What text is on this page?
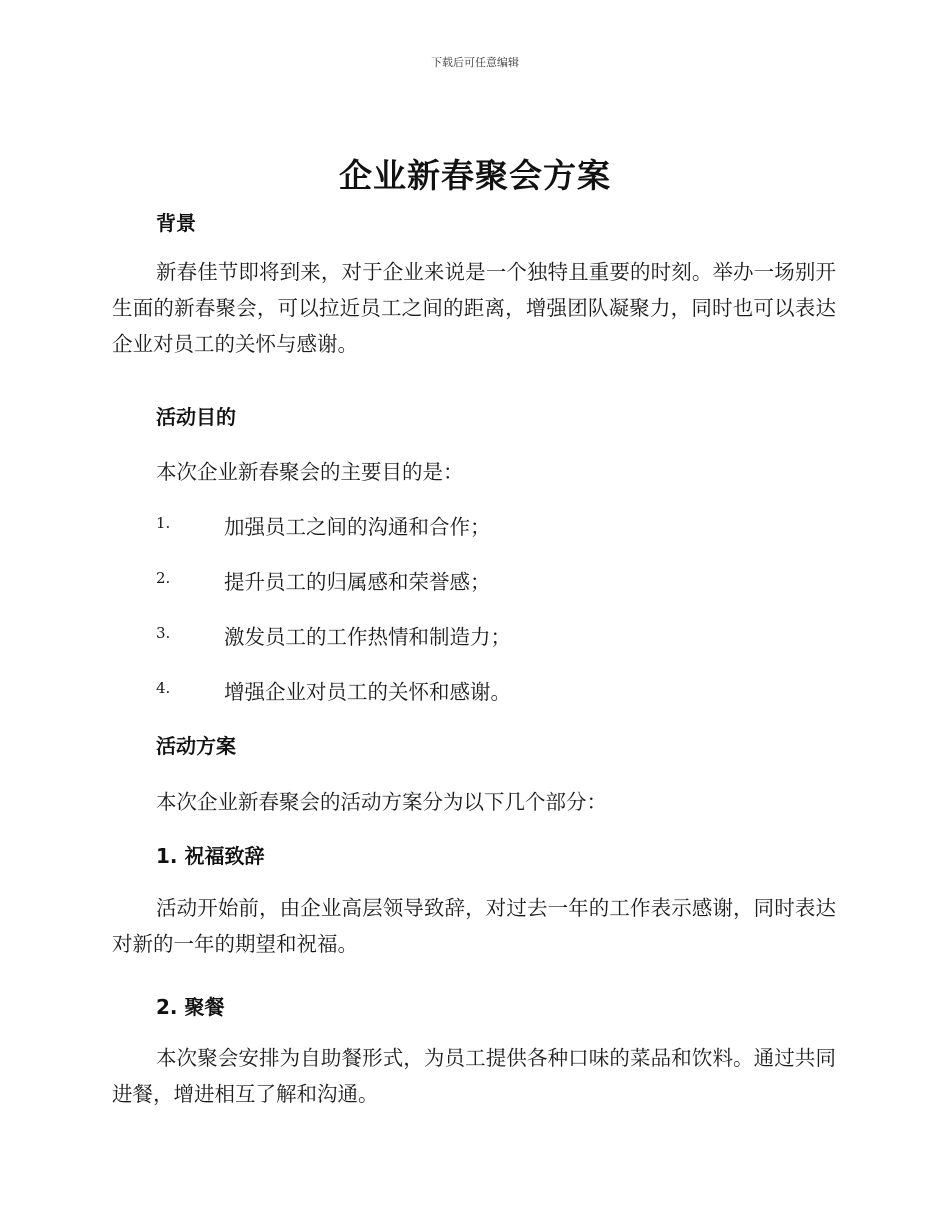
下载后可任意编辑
企业新春聚会方案
背景
新春佳节即将到来，对于企业来说是一个独特且重要的时刻。举办一场别开生面的新春聚会，可以拉近员工之间的距离，增强团队凝聚力，同时也可以表达企业对员工的关怀与感谢。
活动目的
本次企业新春聚会的主要目的是：
1.	加强员工之间的沟通和合作；
2.	提升员工的归属感和荣誉感；
3.	激发员工的工作热情和制造力；
4.	增强企业对员工的关怀和感谢。
活动方案
本次企业新春聚会的活动方案分为以下几个部分：
1. 祝福致辞
活动开始前，由企业高层领导致辞，对过去一年的工作表示感谢，同时表达对新的一年的期望和祝福。
2. 聚餐
本次聚会安排为自助餐形式，为员工提供各种口味的菜品和饮料。通过共同进餐，增进相互了解和沟通。
